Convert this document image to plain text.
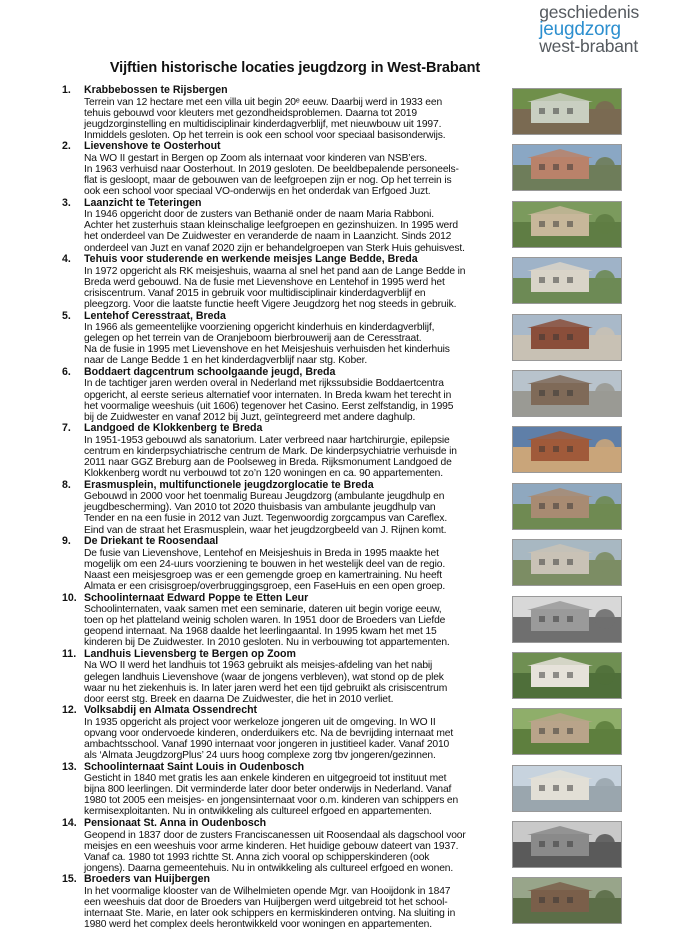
geschiedenis
jeugdzorg
west-brabant
Vijftien historische locaties jeugdzorg in West-Brabant
1. Krabbebossen te Rijsbergen
Terrein van 12 hectare met een villa uit begin 20ᵉ eeuw. Daarbij werd in 1933 een
tehuis gebouwd voor kleuters met gezondheidsproblemen. Daarna tot 2019
jeugdzorginstelling en multidisciplinair kinderdagverblijf, met nieuwbouw uit 1997.
Inmiddels gesloten. Op het terrein is ook een school voor speciaal basisonderwijs.
2. Lievenshove te Oosterhout
Na WO II gestart in Bergen op Zoom als internaat voor kinderen van NSB’ers.
In 1963 verhuisd naar Oosterhout. In 2019 gesloten. De beeldbepalende personeels-
flat is gesloopt, maar de gebouwen van de leefgroepen zijn er nog. Op het terrein is
ook een school voor speciaal VO-onderwijs en het onderdak van Erfgoed Juzt.
3. Laanzicht te Teteringen
In 1946 opgericht door de zusters van Bethanië onder de naam Maria Rabboni.
Achter het zusterhuis staan kleinschalige leefgroepen en gezinshuizen. In 1995 werd
het onderdeel van De Zuidwester en veranderde de naam in Laanzicht. Sinds 2012
onderdeel van Juzt en vanaf 2020 zijn er behandelgroepen van Sterk Huis gehuisvest.
4. Tehuis voor studerende en werkende meisjes Lange Bedde, Breda
In 1972 opgericht als RK meisjeshuis, waarna al snel het pand aan de Lange Bedde in
Breda werd gebouwd. Na de fusie met Lievenshove en Lentehof in 1995 werd het
crisiscentrum. Vanaf 2015 in gebruik voor multidisciplinair kinderdagverblijf en
pleegzorg. Voor die laatste functie heeft Vigere Jeugdzorg het nog steeds in gebruik.
5. Lentehof Ceresstraat, Breda
In 1966 als gemeentelijke voorziening opgericht kinderhuis en kinderdagverblijf,
gelegen op het terrein van de Oranjeboom bierbrouwerij aan de Ceresstraat.
Na de fusie in 1995 met Lievenshove en het Meisjeshuis verhuisden het kinderhuis
naar de Lange Bedde 1 en het kinderdagverblijf naar stg. Kober.
6. Boddaert dagcentrum schoolgaande jeugd, Breda
In de tachtiger jaren werden overal in Nederland met rijkssubsidie Boddaertcentra
opgericht, al eerste seriеus alternatief voor internaten. In Breda kwam het terecht in
het voormalige weeshuis (uit 1606) tegenover het Casino. Eerst zelfstandig, in 1995
bij de Zuidwester en vanaf 2012 bij Juzt, geïntegreerd met andere daghulp.
7. Landgoed de Klokkenberg te Breda
In 1951-1953 gebouwd als sanatorium. Later verbreed naar hartchirurgie, epilepsie
centrum en kinderpsychiatrische centrum de Mark. De kinderpsychiatrie verhuisde in
2011 naar GGZ Breburg aan de Poolseweg in Breda. Rijksmonument Landgoed de
Klokkenberg wordt nu verbouwd tot zo’n 120 woningen en ca. 90 appartementen.
8. Erasmusplein, multifunctionele jeugdzorglocatie te Breda
Gebouwd in 2000 voor het toenmalig Bureau Jeugdzorg (ambulante jeugdhulp en
jeugdbescherming). Van 2010 tot 2020 thuisbasis van ambulante jeugdhulp van
Tender en na een fusie in 2012 van Juzt. Tegenwoordig zorgcampus van Careflex.
Eind van de straat het Erasmusplein, waar het jeugdzorgbeeld van J. Rijnen komt.
9. De Driekant te Roosendaal
De fusie van Lievenshove, Lentehof en Meisjeshuis in Breda in 1995 maakte het
mogelijk om een 24-uurs voorziening te bouwen in het westelijk deel van de regio.
Naast een meisjesgroep was er een gemengde groep en kamertraining. Nu heeft
Almata er een crisisgroep/overbruggingsgroep, een FaseHuis en een open groep.
10. Schoolinternaat Edward Poppe te Etten Leur
Schoolinternaten, vaak samen met een seminarie, dateren uit begin vorige eeuw,
toen op het platteland weinig scholen waren. In 1951 door de Broeders van Liefde
geopend internaat. Na 1968 daalde het leerlingaantal. In 1995 kwam het met 15
kinderen bij De Zuidwester. In 2010 gesloten. Nu in verbouwing tot appartementen.
11. Landhuis Lievensberg te Bergen op Zoom
Na WO II werd het landhuis tot 1963 gebruikt als meisjes-afdeling van het nabij
gelegen landhuis Lievenshove (waar de jongens verbleven), wat stond op de plek
waar nu het ziekenhuis is. In later jaren werd het een tijd gebruikt als crisiscentrum
door eerst stg. Breek en daarna De Zuidwester, die het in 2010 verliet.
12. Volksabdij en Almata Ossendrecht
In 1935 opgericht als project voor werkeloze jongeren uit de omgeving. In WO II
opvang voor ondervoede kinderen, onderduikers etc. Na de bevrijding internaat met
ambachtsschool. Vanaf 1990 internaat voor jongeren in justitieel kader. Vanaf 2010
als ‘Almata JeugdzorgPlus’ 24 uurs hoog complexe zorg tbv jongeren/gezinnen.
13. Schoolinternaat Saint Louis in Oudenbosch
Gesticht in 1840 met gratis les aan enkele kinderen en uitgegroeid tot instituut met
bijna 800 leerlingen. Dit verminderde later door beter onderwijs in Nederland. Vanaf
1980 tot 2005 een meisjes- en jongensinternaat voor o.m. kinderen van schippers en
kermisexploitanten. Nu in ontwikkeling als cultureel erfgoed en appartementen.
14. Pensionaat St. Anna in Oudenbosch
Geopend in 1837 door de zusters Franciscanessen uit Roosendaal als dagschool voor
meisjes en een weeshuis voor arme kinderen. Het huidige gebouw dateert van 1937.
Vanaf ca. 1980 tot 1993 richtte St. Anna zich vooral op schipperskinderen (ook
jongens). Daarna gemeentehuis. Nu in ontwikkeling als cultureel erfgoed en wonen.
15. Broeders van Huijbergen
In het voormalige klooster van de Wilhelmieten opende Mgr. van Hooijdonk in 1847
een weeshuis dat door de Broeders van Huijbergen werd uitgebreid tot het school-
internaat Ste. Marie, en later ook schippers en kermiskinderen ontving. Na sluiting in
1980 werd het complex deels herontwikkeld voor woningen en appartementen.
